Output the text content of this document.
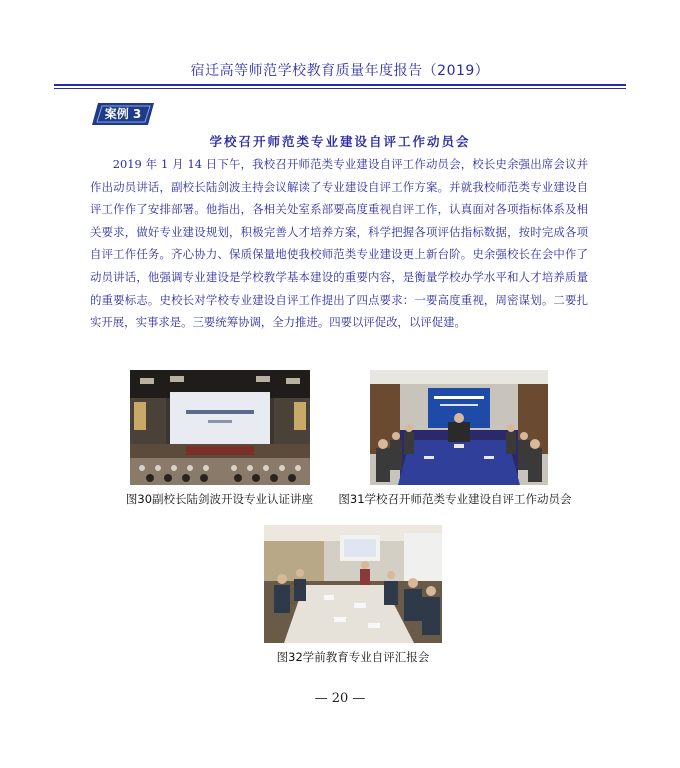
宿迁高等师范学校教育质量年度报告（2019）
案例 3
学校召开师范类专业建设自评工作动员会

2019 年 1 月 14 日下午，我校召开师范类专业建设自评工作动员会，校长史余强出席会议并作出动员讲话，副校长陆剑波主持会议解读了专业建设自评工作方案。并就我校师范类专业建设自评工作作了安排部署。他指出，各相关处室系部要高度重视自评工作，认真面对各项指标体系及相关要求，做好专业建设规划，积极完善人才培养方案，科学把握各项评估指标数据，按时完成各项自评工作任务。齐心协力、保质保量地使我校师范类专业建设更上新台阶。史余强校长在会中作了动员讲话，他强调专业建设是学校教学基本建设的重要内容，是衡量学校办学水平和人才培养质量的重要标志。史校长对学校专业建设自评工作提出了四点要求：一要高度重视，周密谋划。二要扎实开展，实事求是。三要统筹协调，全力推进。四要以评促改，以评促建。

图30副校长陆剑波开设专业认证讲座	图31学校召开师范类专业建设自评工作动员会
图32学前教育专业自评汇报会
— 20 —
